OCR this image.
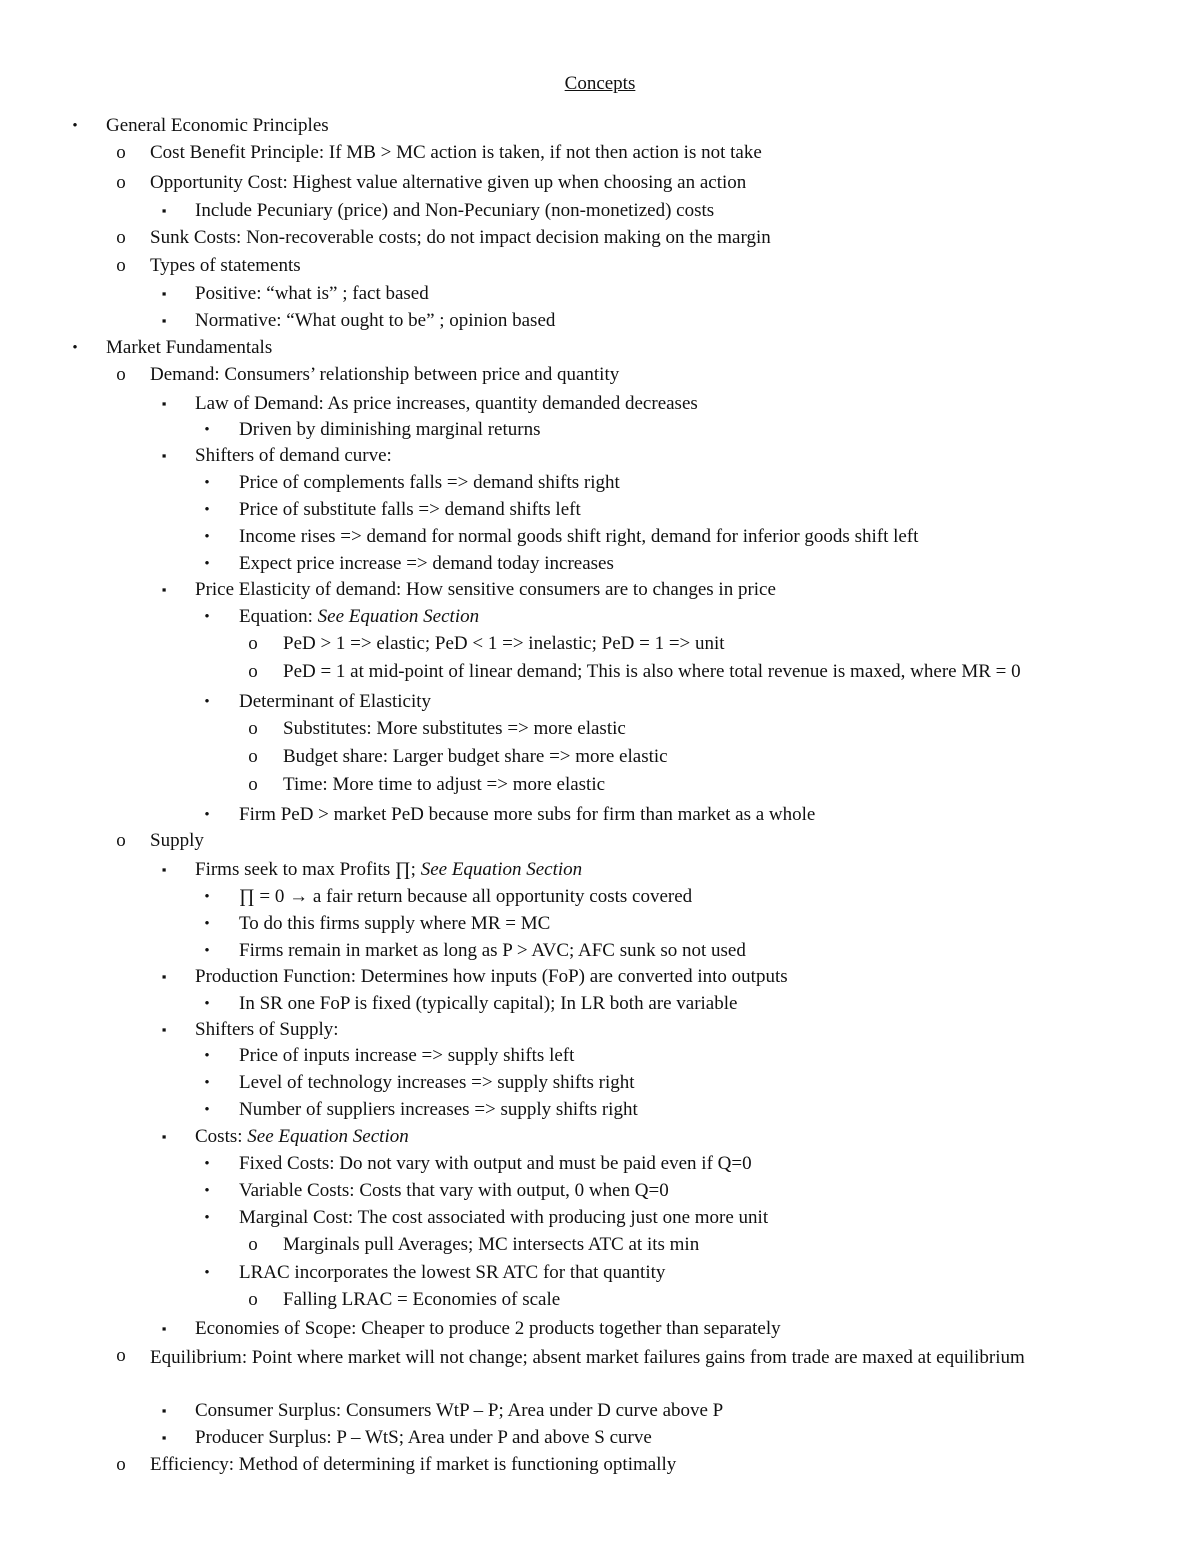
Concepts
•	General Economic Principles
o Cost Benefit Principle: If MB > MC action is taken, if not then action is not take
o Opportunity Cost: Highest value alternative given up when choosing an action
▪	Include Pecuniary (price) and Non-Pecuniary (non-monetized) costs
o Sunk Costs: Non-recoverable costs; do not impact decision making on the margin
o Types of statements
▪	Positive: “what is” ; fact based
▪	Normative: “What ought to be” ; opinion based
•	Market Fundamentals
o Demand: Consumers’ relationship between price and quantity
▪	Law of Demand: As price increases, quantity demanded decreases
•	Driven by diminishing marginal returns
▪	Shifters of demand curve:
•	Price of complements falls => demand shifts right
•	Price of substitute falls => demand shifts left
•	Income rises => demand for normal goods shift right, demand for inferior goods shift left
•	Expect price increase => demand today increases
▪	Price Elasticity of demand: How sensitive consumers are to changes in price
•	Equation: See Equation Section
o PeD > 1 => elastic; PeD < 1 => inelastic; PeD = 1 => unit
o PeD = 1 at mid-point of linear demand; This is also where total revenue is maxed, where MR = 0
•	Determinant of Elasticity
o Substitutes: More substitutes => more elastic
o Budget share: Larger budget share => more elastic
o Time: More time to adjust => more elastic
•	Firm PeD > market PeD because more subs for firm than market as a whole
o Supply
▪	Firms seek to max Profits ∏; See Equation Section
•	∏ = 0 → a fair return because all opportunity costs covered
•	To do this firms supply where MR = MC
•	Firms remain in market as long as P > AVC; AFC sunk so not used
▪	Production Function: Determines how inputs (FoP) are converted into outputs
•	In SR one FoP is fixed (typically capital); In LR both are variable
▪	Shifters of Supply:
•	Price of inputs increase => supply shifts left
•	Level of technology increases => supply shifts right
•	Number of suppliers increases => supply shifts right
▪	Costs: See Equation Section
•	Fixed Costs: Do not vary with output and must be paid even if Q=0
•	Variable Costs: Costs that vary with output, 0 when Q=0
•	Marginal Cost: The cost associated with producing just one more unit
o Marginals pull Averages; MC intersects ATC at its min
•	LRAC incorporates the lowest SR ATC for that quantity
o Falling LRAC = Economies of scale
▪	Economies of Scope: Cheaper to produce 2 products together than separately
o Equilibrium: Point where market will not change; absent market failures gains from trade are maxed at equilibrium
▪	Consumer Surplus: Consumers WtP – P; Area under D curve above P
▪	Producer Surplus: P – WtS; Area under P and above S curve
o Efficiency: Method of determining if market is functioning optimally
